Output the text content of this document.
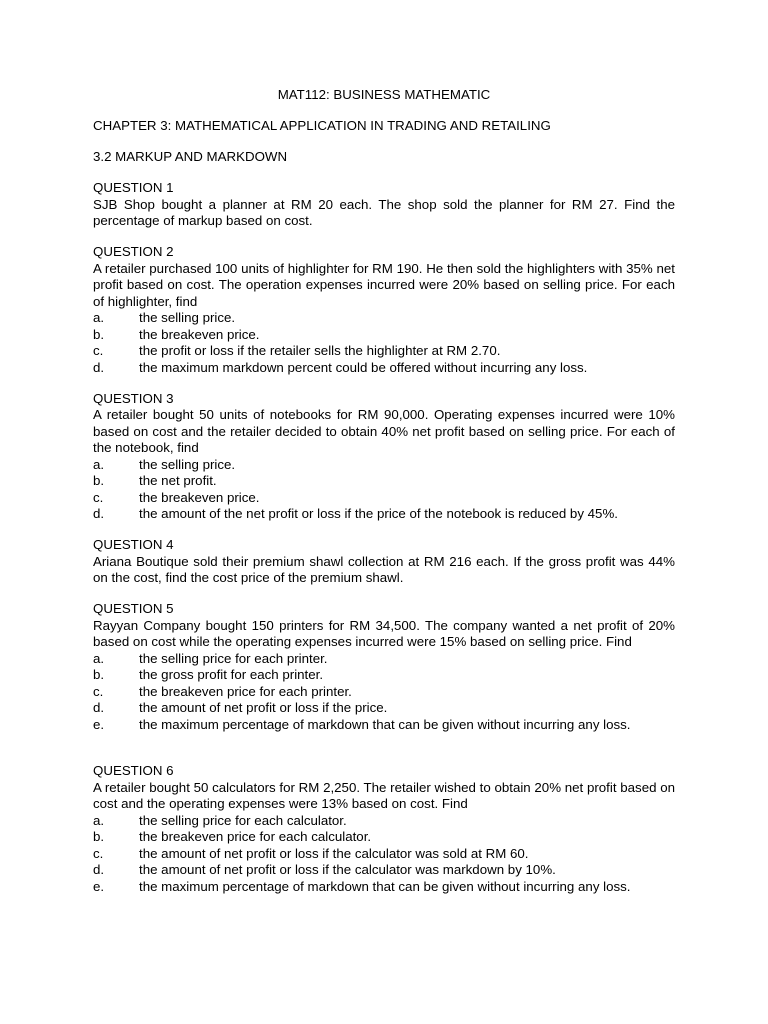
MAT112: BUSINESS MATHEMATIC

CHAPTER 3: MATHEMATICAL APPLICATION IN TRADING AND RETAILING

3.2 MARKUP AND MARKDOWN

QUESTION 1

SJB Shop bought a planner at RM 20 each. The shop sold the planner for RM 27. Find the percentage of markup based on cost.

QUESTION 2

A retailer purchased 100 units of highlighter for RM 190. He then sold the highlighters with 35% net profit based on cost. The operation expenses incurred were 20% based on selling price. For each of highlighter, find

a.	the selling price.
b.	the breakeven price.
c.	the profit or loss if the retailer sells the highlighter at RM 2.70.
d.	the maximum markdown percent could be offered without incurring any loss.

QUESTION 3

A retailer bought 50 units of notebooks for RM 90,000. Operating expenses incurred were 10% based on cost and the retailer decided to obtain 40% net profit based on selling price. For each of the notebook, find

a.	the selling price.
b.	the net profit.
c.	the breakeven price.
d.	the amount of the net profit or loss if the price of the notebook is reduced by 45%.

QUESTION 4

Ariana Boutique sold their premium shawl collection at RM 216 each. If the gross profit was 44% on the cost, find the cost price of the premium shawl.

QUESTION 5

Rayyan Company bought 150 printers for RM 34,500. The company wanted a net profit of 20% based on cost while the operating expenses incurred were 15% based on selling price. Find

a.	the selling price for each printer.
b.	the gross profit for each printer.
c.	the breakeven price for each printer.
d.	the amount of net profit or loss if the price.
e.	the maximum percentage of markdown that can be given without incurring any loss.

QUESTION 6

A retailer bought 50 calculators for RM 2,250. The retailer wished to obtain 20% net profit based on cost and the operating expenses were 13% based on cost. Find

a.	the selling price for each calculator.
b.	the breakeven price for each calculator.
c.	the amount of net profit or loss if the calculator was sold at RM 60.
d.	the amount of net profit or loss if the calculator was markdown by 10%.
e.	the maximum percentage of markdown that can be given without incurring any loss.
